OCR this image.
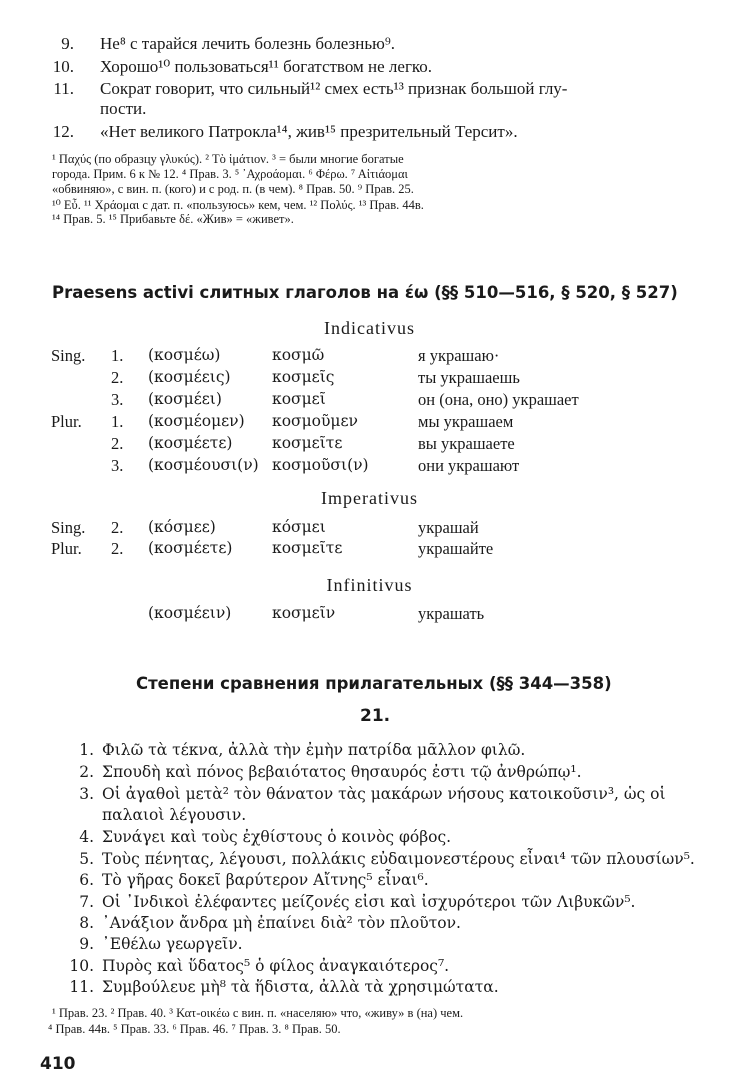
9. Не⁸ с тарайся лечить болезнь болезнью⁹.
10. Хорошо¹⁰ пользоваться¹¹ богатством не легко.
11. Сократ говорит, что сильный¹² смех есть¹³ признак большой глу-
пости.
12. «Нет великого Патрокла¹⁴, жив¹⁵ презрительный Терсит».
¹ Παχύς (по образцу γλυκύς). ² Τὸ ἱμάτιον. ³ = были многие богатые
города. Прим. 6 к № 12. ⁴ Прав. 3. ⁵ ᾿Αχροάομαι. ⁶ Φέρω. ⁷ Αἰτιάομαι
«обвиняю», с вин. п. (кого) и с род. п. (в чем). ⁸ Прав. 50. ⁹ Прав. 25.
¹⁰ Εὖ. ¹¹ Χράομαι с дат. п. «пользуюсь» кем, чем. ¹² Πολύς. ¹³ Прав. 44в.
¹⁴ Прав. 5. ¹⁵ Прибавьте δέ. «Жив» = «живет».
Praesens activi слитных глаголов на έω (§§ 510—516, § 520, § 527)
Indicativus
Sing. 1. (κοσμέω)	κοσμῶ	я украшаю·
2. (κοσμέεις)	κοσμεῖς	ты украшаешь
3. (κοσμέει)	κοσμεῖ	он (она, оно) украшает
Plur. 1. (κοσμέομεν) κοσμοῦμεν	мы украшаем
2. (κοσμέετε)	κοσμεῖτε	вы украшаете
3. (κοσμέουσι(ν) κοσμοῦσι(ν)	они украшают
Imperativus
Sing. 2. (κόσμεε)	κόσμει	украшай
Plur. 2. (κοσμέετε)	κοσμεῖτε	украшайте
Infinitivus
(κοσμέειν)	κοσμεῖν	украшать
Степени сравнения прилагательных (§§ 344—358)
21.
1. Φιλῶ τὰ τέκνα, ἀλλὰ τὴν ἐμὴν πατρίδα μᾶλλον φιλῶ.
2. Σπουδὴ καὶ πόνος βεβαιότατος θησαυρός ἐστι τῷ ἀνθρώπῳ¹.
3. Οἱ ἀγαθοὶ μετὰ² τὸν θάνατον τὰς μακάρων νήσους κατοικοῦσιν³, ὡς οἱ
παλαιοὶ λέγουσιν.
4. Συνάγει καὶ τοὺς ἐχθίστους ὁ κοινὸς φόβος.
5. Τοὺς πένητας, λέγουσι, πολλάκις εὐδαιμονεστέρους εἶναι⁴ τῶν πλουσίων⁵.
6. Τὸ γῆρας δοκεῖ βαρύτερον Αἴτνης⁵ εἶναι⁶.
7. Οἱ ᾿Ινδικοὶ ἐλέφαντες μείζονές εἰσι καὶ ἰσχυρότεροι τῶν Λιβυκῶν⁵.
8. ᾿Ανάξιον ἄνδρα μὴ ἐπαίνει διὰ² τὸν πλοῦτον.
9. ᾿Εθέλω γεωργεῖν.
10. Πυρὸς καὶ ὕδατος⁵ ὁ φίλος ἀναγκαιότερος⁷.
11. Συμβούλευε μὴ⁸ τὰ ἥδιστα, ἀλλὰ τὰ χρησιμώτατα.
¹ Прав. 23. ² Прав. 40. ³ Κατ-οικέω с вин. п. «населяю» что, «живу» в (на) чем.
⁴ Прав. 44в. ⁵ Прав. 33. ⁶ Прав. 46. ⁷ Прав. 3. ⁸ Прав. 50.
410
